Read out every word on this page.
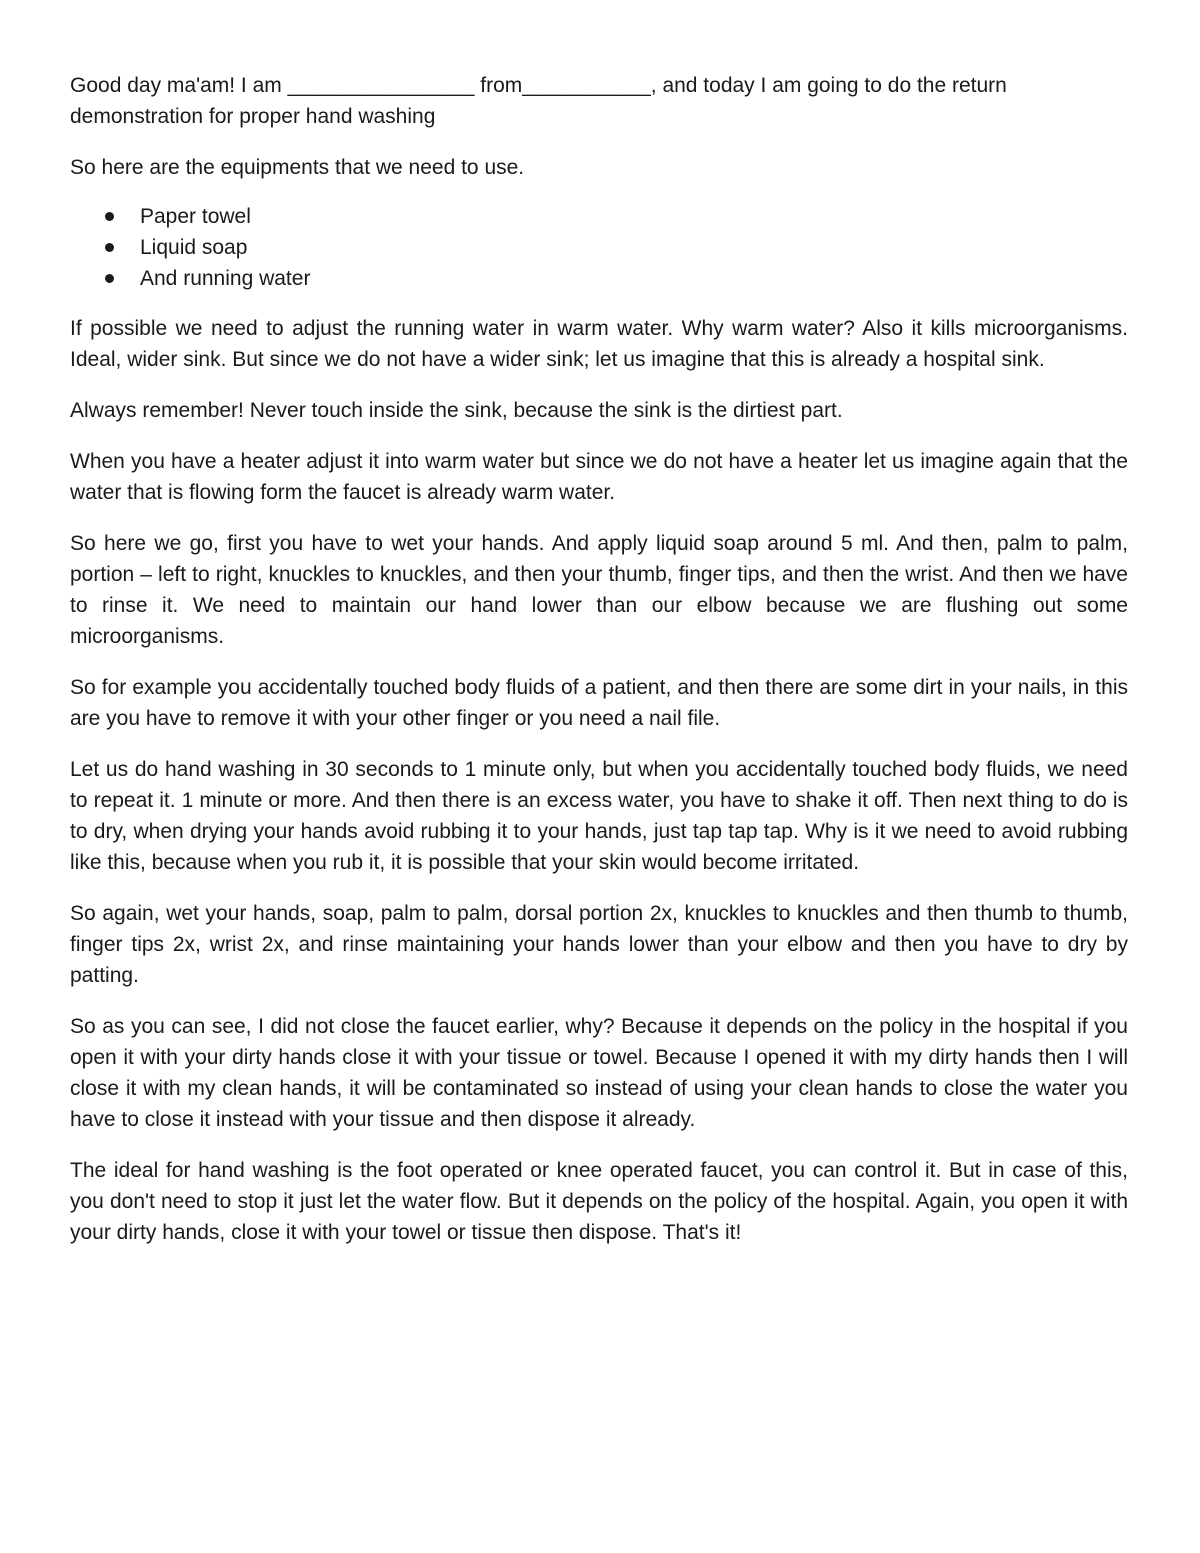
Good day ma'am! I am ________________ from___________, and today I am going to do the return demonstration for proper hand washing

So here are the equipments that we need to use.

Paper towel
Liquid soap
And running water

If possible we need to adjust the running water in warm water. Why warm water? Also it kills microorganisms. Ideal, wider sink. But since we do not have a wider sink; let us imagine that this is already a hospital sink.

Always remember! Never touch inside the sink, because the sink is the dirtiest part.

When you have a heater adjust it into warm water but since we do not have a heater let us imagine again that the water that is flowing form the faucet is already warm water.

So here we go, first you have to wet your hands. And apply liquid soap around 5 ml. And then, palm to palm, portion – left to right, knuckles to knuckles, and then your thumb, finger tips, and then the wrist. And then we have to rinse it. We need to maintain our hand lower than our elbow because we are flushing out some microorganisms.

So for example you accidentally touched body fluids of a patient, and then there are some dirt in your nails, in this are you have to remove it with your other finger or you need a nail file.

Let us do hand washing in 30 seconds to 1 minute only, but when you accidentally touched body fluids, we need to repeat it. 1 minute or more. And then there is an excess water, you have to shake it off. Then next thing to do is to dry, when drying your hands avoid rubbing it to your hands, just tap tap tap. Why is it we need to avoid rubbing like this, because when you rub it, it is possible that your skin would become irritated.

So again, wet your hands, soap, palm to palm, dorsal portion 2x, knuckles to knuckles and then thumb to thumb, finger tips 2x, wrist 2x, and rinse maintaining your hands lower than your elbow and then you have to dry by patting.

So as you can see, I did not close the faucet earlier, why? Because it depends on the policy in the hospital if you open it with your dirty hands close it with your tissue or towel. Because I opened it with my dirty hands then I will close it with my clean hands, it will be contaminated so instead of using your clean hands to close the water you have to close it instead with your tissue and then dispose it already.

The ideal for hand washing is the foot operated or knee operated faucet, you can control it. But in case of this, you don't need to stop it just let the water flow. But it depends on the policy of the hospital. Again, you open it with your dirty hands, close it with your towel or tissue then dispose. That's it!
